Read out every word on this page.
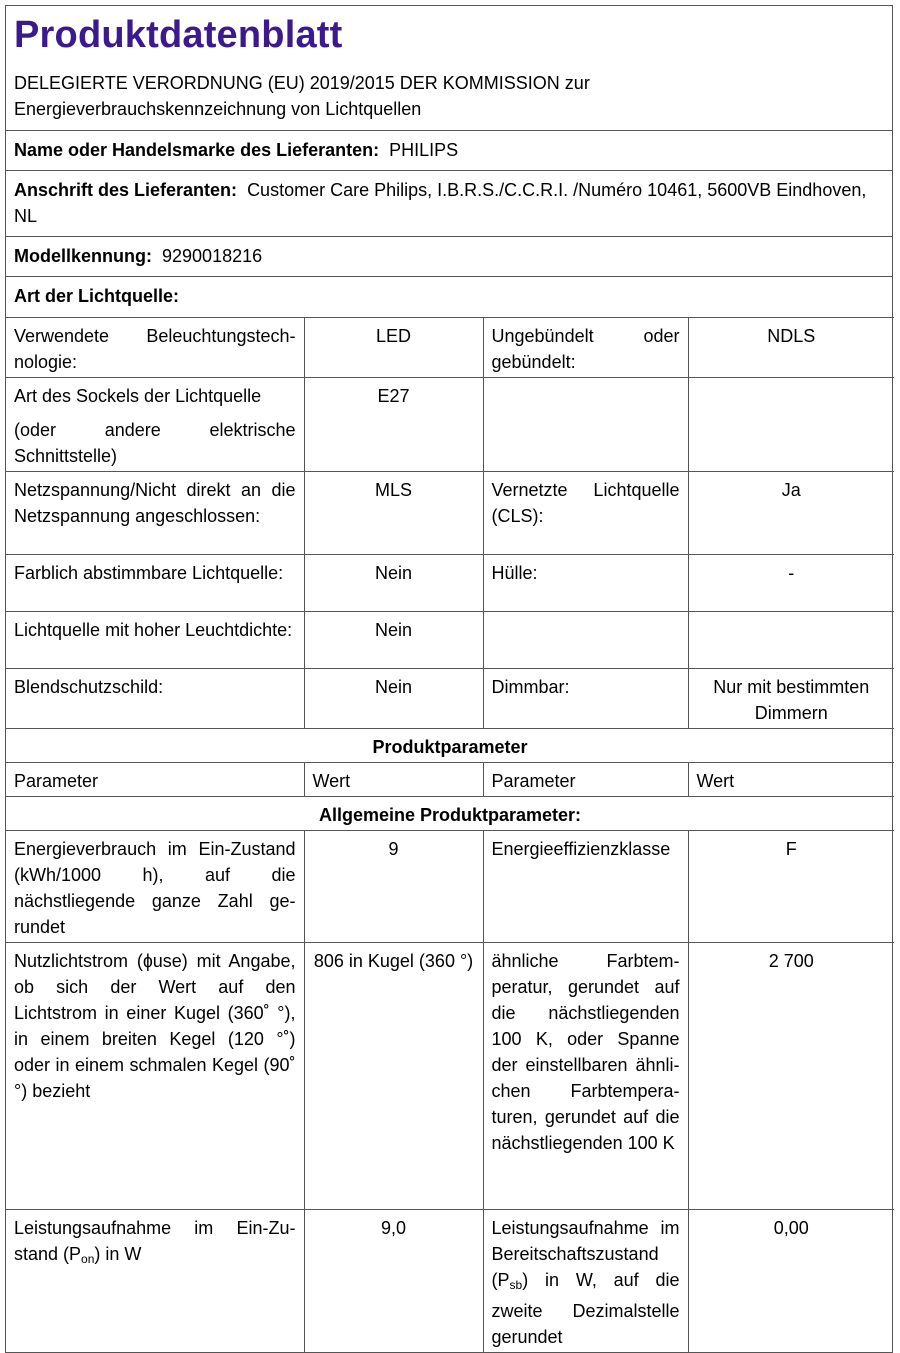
Produktdatenblatt
DELEGIERTE VERORDNUNG (EU) 2019/2015 DER KOMMISSION zur
Energieverbrauchskennzeichnung von Lichtquellen
Name oder Handelsmarke des Lieferanten: PHILIPS
Anschrift des Lieferanten: Customer Care Philips, I.B.R.S./C.C.R.I. /Numéro 10461, 5600VB Eindhoven, NL
Modellkennung: 9290018216
Art der Lichtquelle:
Verwendete Beleuchtungstechnologie:	LED	Ungebündelt oder gebündelt:	NDLS

Art des Sockels der Lichtquelle
(oder andere elektrische Schnittstelle)	E27		
Netzspannung/Nicht direkt an die Netzspannung angeschlossen:	MLS	Vernetzte Lichtquelle (CLS):	Ja
Farblich abstimmbare Lichtquelle:	Nein	Hülle:	-
Lichtquelle mit hoher Leuchtdichte:	Nein		
Blendschutzschild:	Nein	Dimmbar:	Nur mit bestimmten Dimmern
Produktparameter			
Parameter	Wert	Parameter	Wert
Allgemeine Produktparameter:			
Energieverbrauch im Ein-Zustand (kWh/1000 h), auf die nächstliegende ganze Zahl gerundet	9	Energieeffizienzklasse	F
Nutzlichtstrom (ɸuse) mit Angabe, ob sich der Wert auf den Lichtstrom in einer Kugel (360˚ °), in einem breiten Kegel (120 °˚) oder in einem schmalen Kegel (90˚ °) bezieht	806 in Kugel (360 °)	ähnliche Farbtemperatur, gerundet auf die nächstliegenden 100 K, oder Spanne der einstellbaren ähnlichen Farbtemperaturen, gerundet auf die nächstliegenden 100 K	2 700
Leistungsaufnahme im Ein-Zustand $(P_{on})$ in W	9,0	Leistungsaufnahme im Bereitschaftszustand $(P_{sb})$ in W, auf die zweite Dezimalstelle gerundet	0,00
